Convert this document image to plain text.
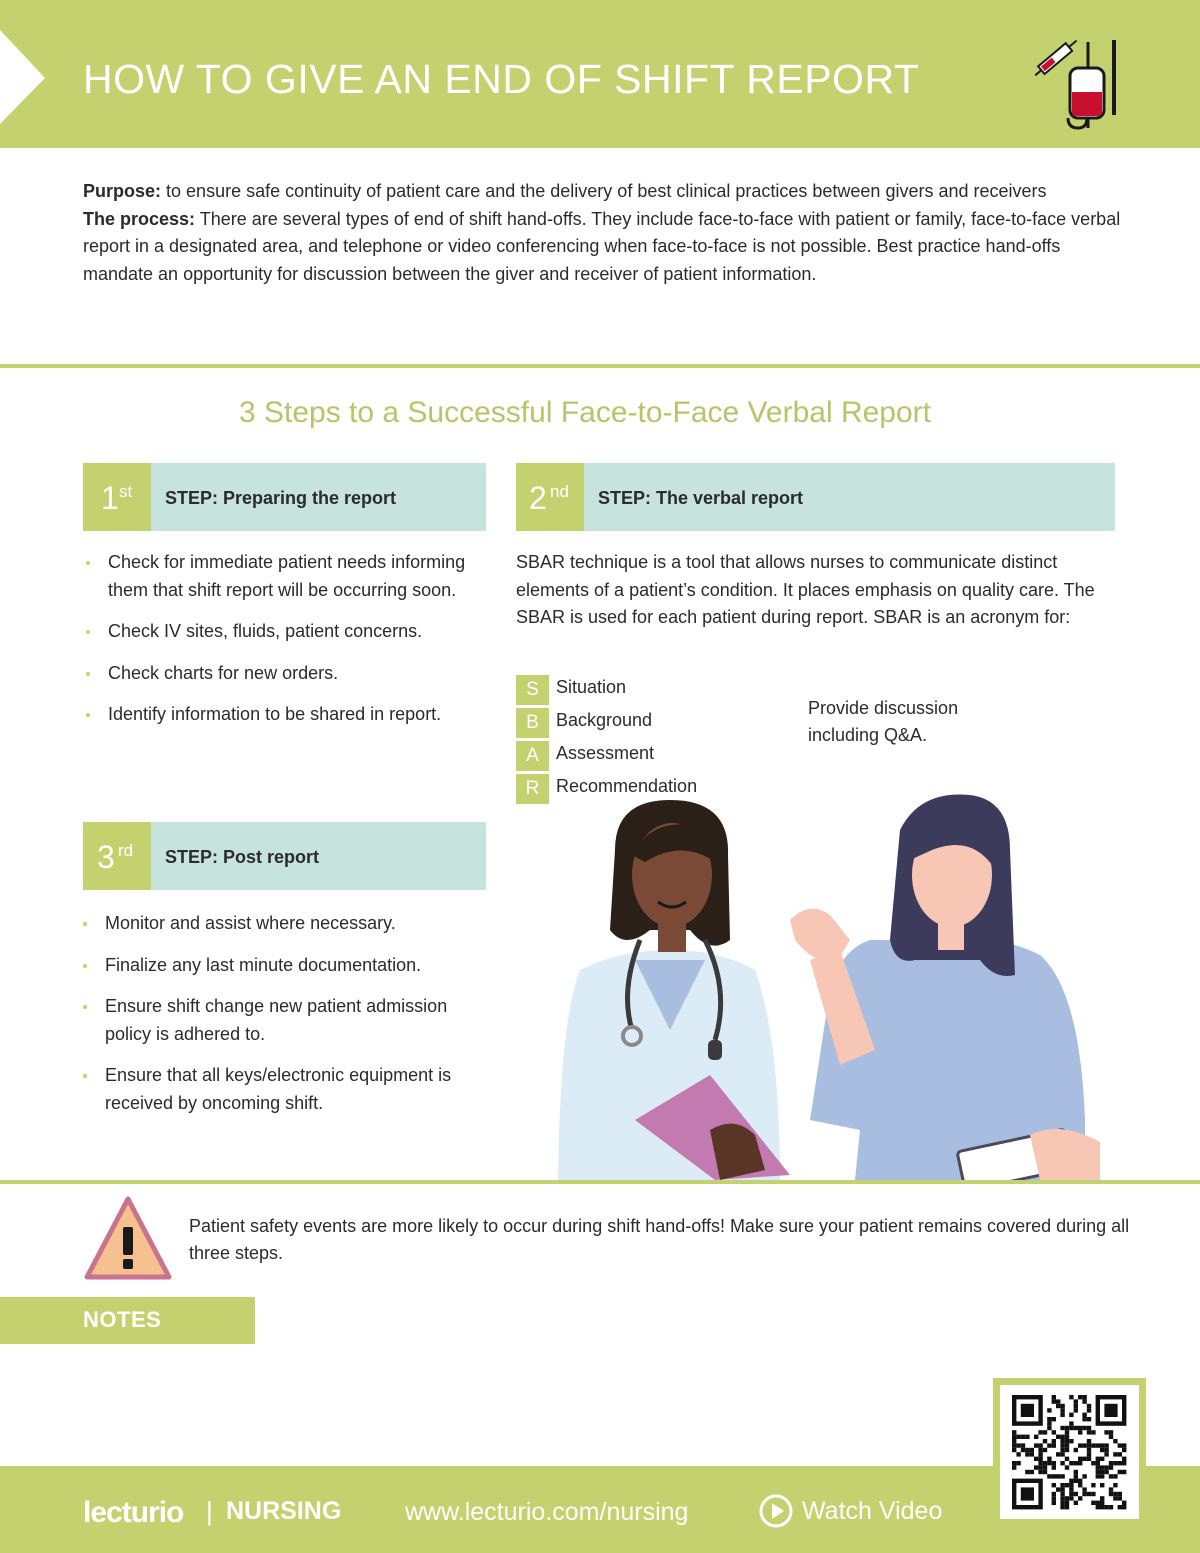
HOW TO GIVE AN END OF SHIFT REPORT

Purpose: to ensure safe continuity of patient care and the delivery of best clinical practices between givers and receivers

The process: There are several types of end of shift hand-offs. They include face-to-face with patient or family, face-to-face verbal report in a designated area, and telephone or video conferencing when face-to-face is not possible. Best practice hand-offs mandate an opportunity for discussion between the giver and receiver of patient information.

3 Steps to a Successful Face-to-Face Verbal Report
1 st STEP: Preparing the report
Check for immediate patient needs informing them that shift report will be occurring soon.
Check IV sites, fluids, patient concerns.
Check charts for new orders.
Identify information to be shared in report.
2 nd STEP: The verbal report
SBAR technique is a tool that allows nurses to communicate distinct elements of a patient’s condition. It places emphasis on quality care. The SBAR is used for each patient during report. SBAR is an acronym for:
S Situation
B Background
A Assessment
R Recommendation
Provide discussion including Q&A.
3 rd STEP: Post report
Monitor and assist where necessary.
Finalize any last minute documentation.
Ensure shift change new patient admission policy is adhered to.
Ensure that all keys/electronic equipment is received by oncoming shift.
Patient safety events are more likely to occur during shift hand-offs! Make sure your patient remains covered during all three steps.
NOTES
lecturio | NURSING	www.lecturio.com/nursing	Watch Video
